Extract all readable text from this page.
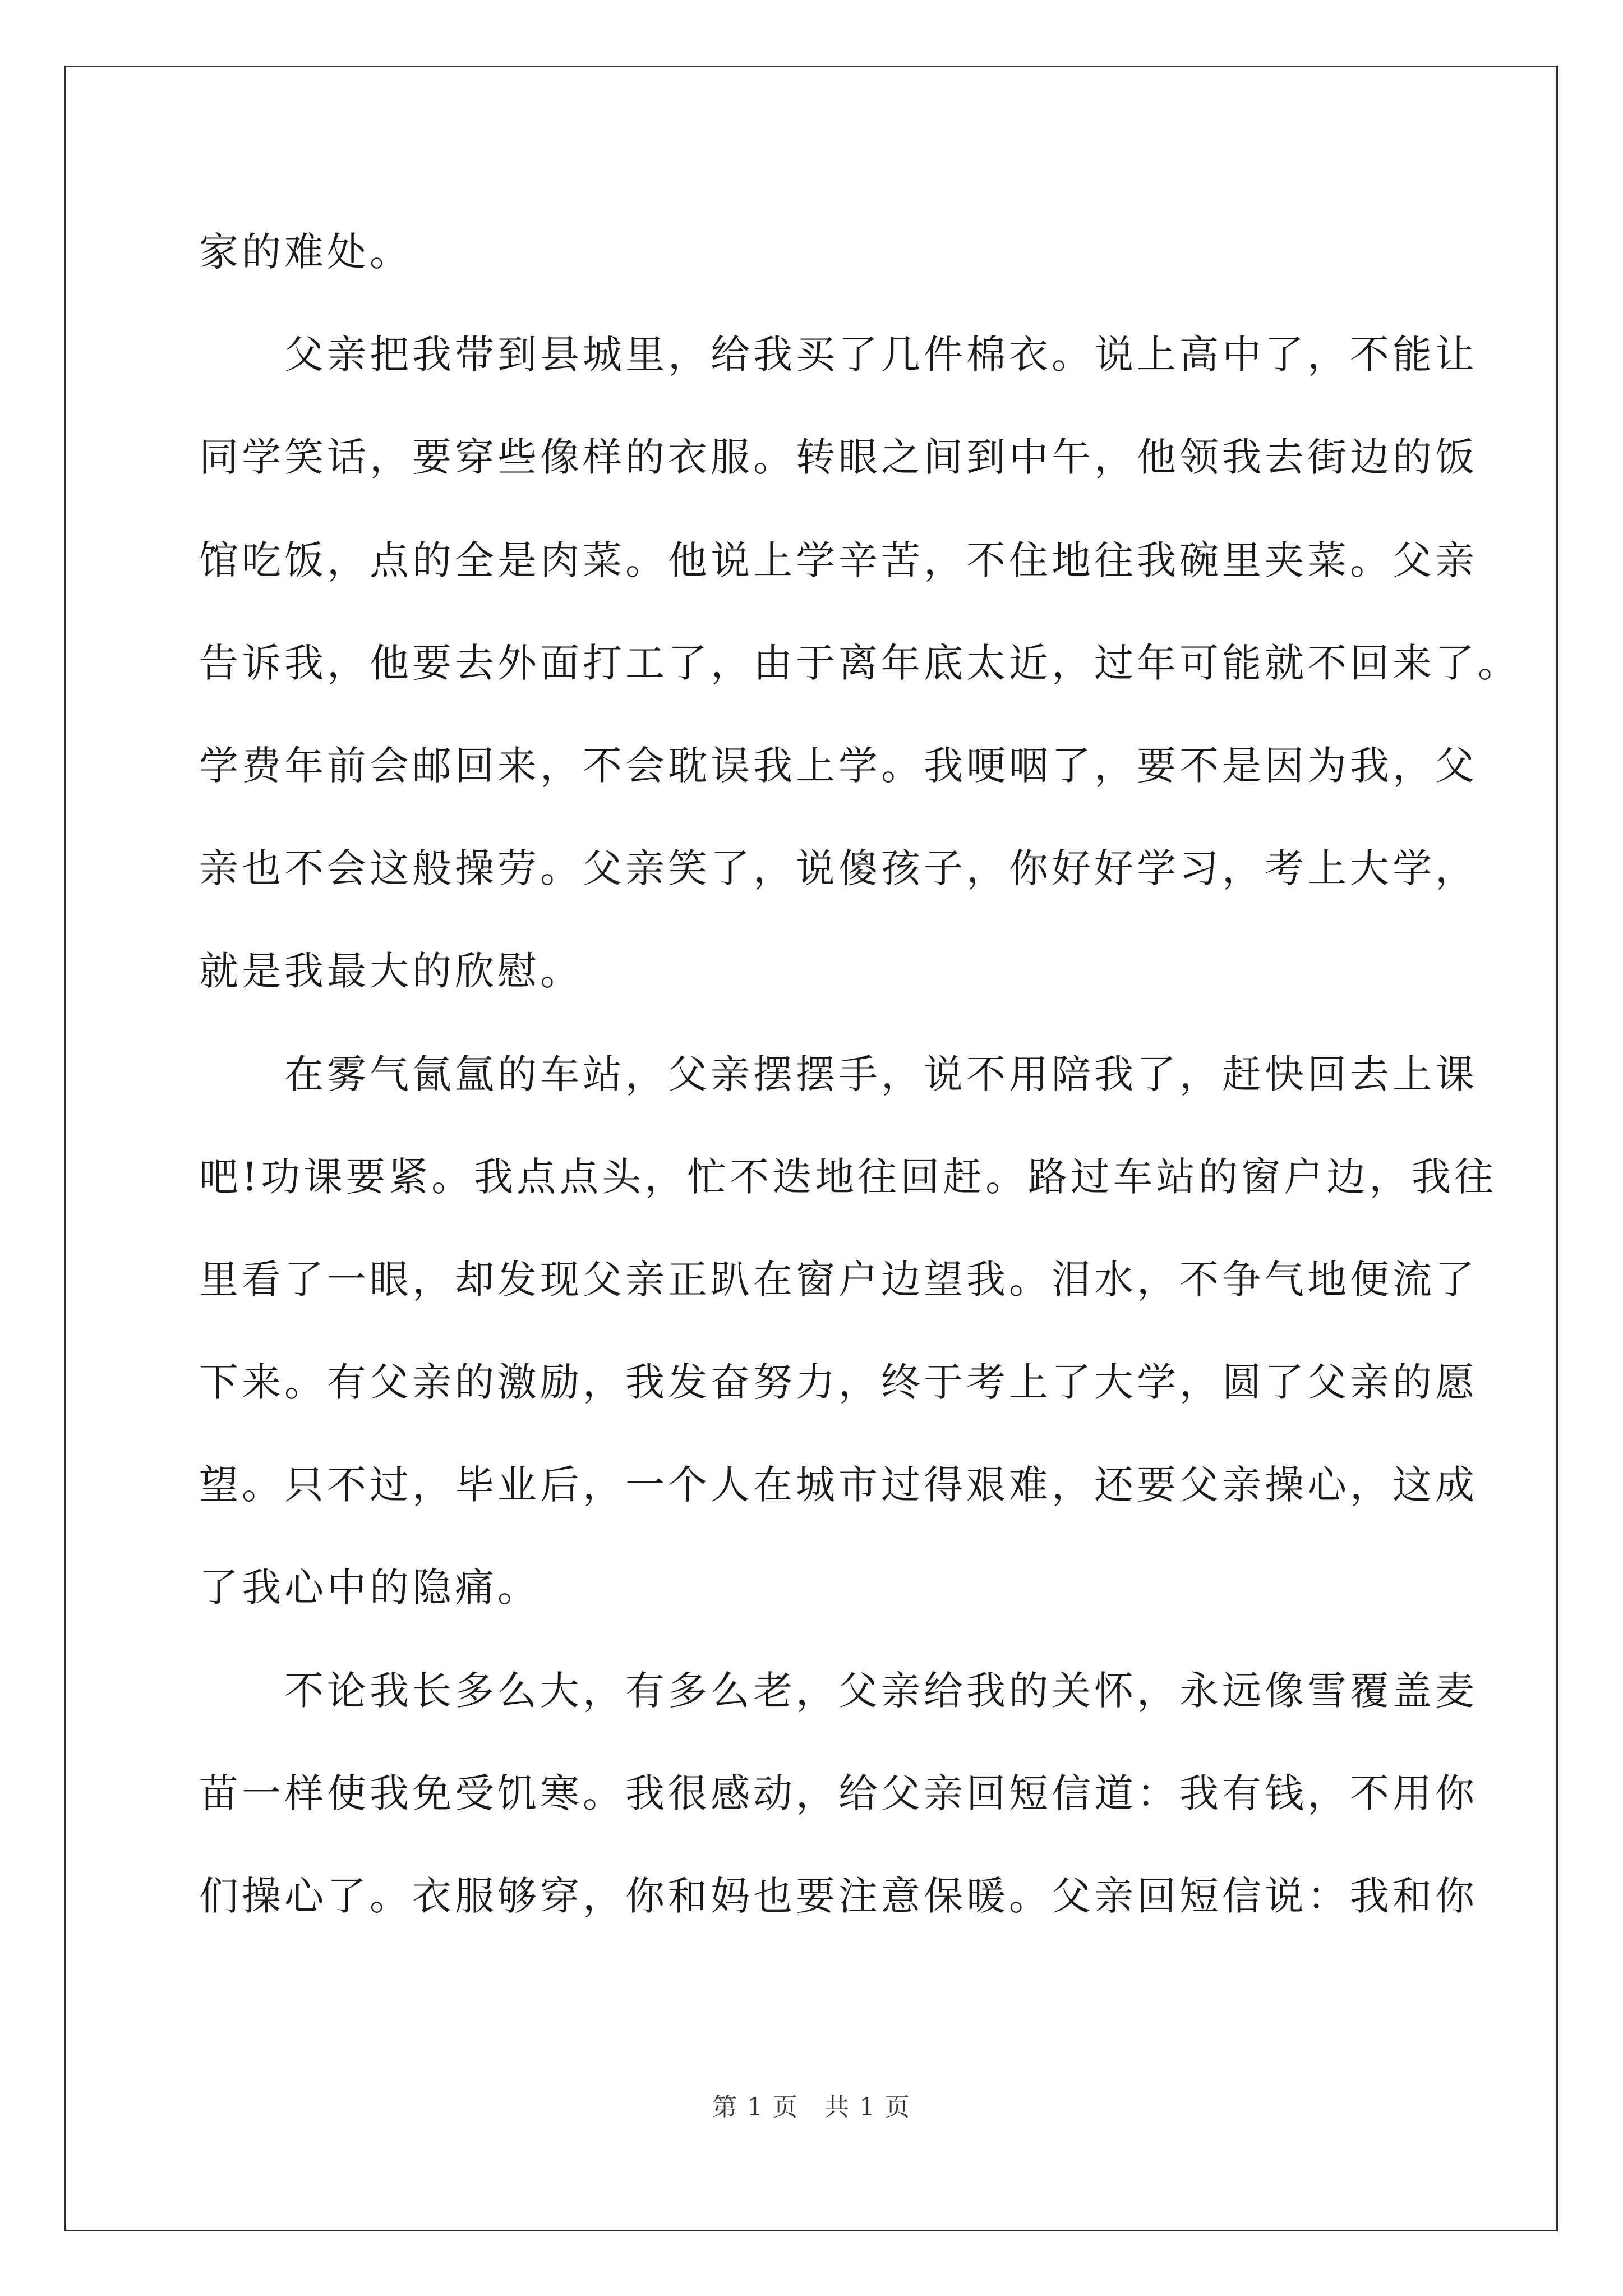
家的难处。
　　父亲把我带到县城里，给我买了几件棉衣。说上高中了，不能让
同学笑话，要穿些像样的衣服。转眼之间到中午，他领我去街边的饭
馆吃饭，点的全是肉菜。他说上学辛苦，不住地往我碗里夹菜。父亲
告诉我，他要去外面打工了，由于离年底太近，过年可能就不回来了。
学费年前会邮回来，不会耽误我上学。我哽咽了，要不是因为我，父
亲也不会这般操劳。父亲笑了，说傻孩子，你好好学习，考上大学，
就是我最大的欣慰。
　　在雾气氤氲的车站，父亲摆摆手，说不用陪我了，赶快回去上课
吧!功课要紧。我点点头，忙不迭地往回赶。路过车站的窗户边，我往
里看了一眼，却发现父亲正趴在窗户边望我。泪水，不争气地便流了
下来。有父亲的激励，我发奋努力，终于考上了大学，圆了父亲的愿
望。只不过，毕业后，一个人在城市过得艰难，还要父亲操心，这成
了我心中的隐痛。
　　不论我长多么大，有多么老，父亲给我的关怀，永远像雪覆盖麦
苗一样使我免受饥寒。我很感动，给父亲回短信道：我有钱，不用你
们操心了。衣服够穿，你和妈也要注意保暖。父亲回短信说：我和你
第 1 页　共 1 页
